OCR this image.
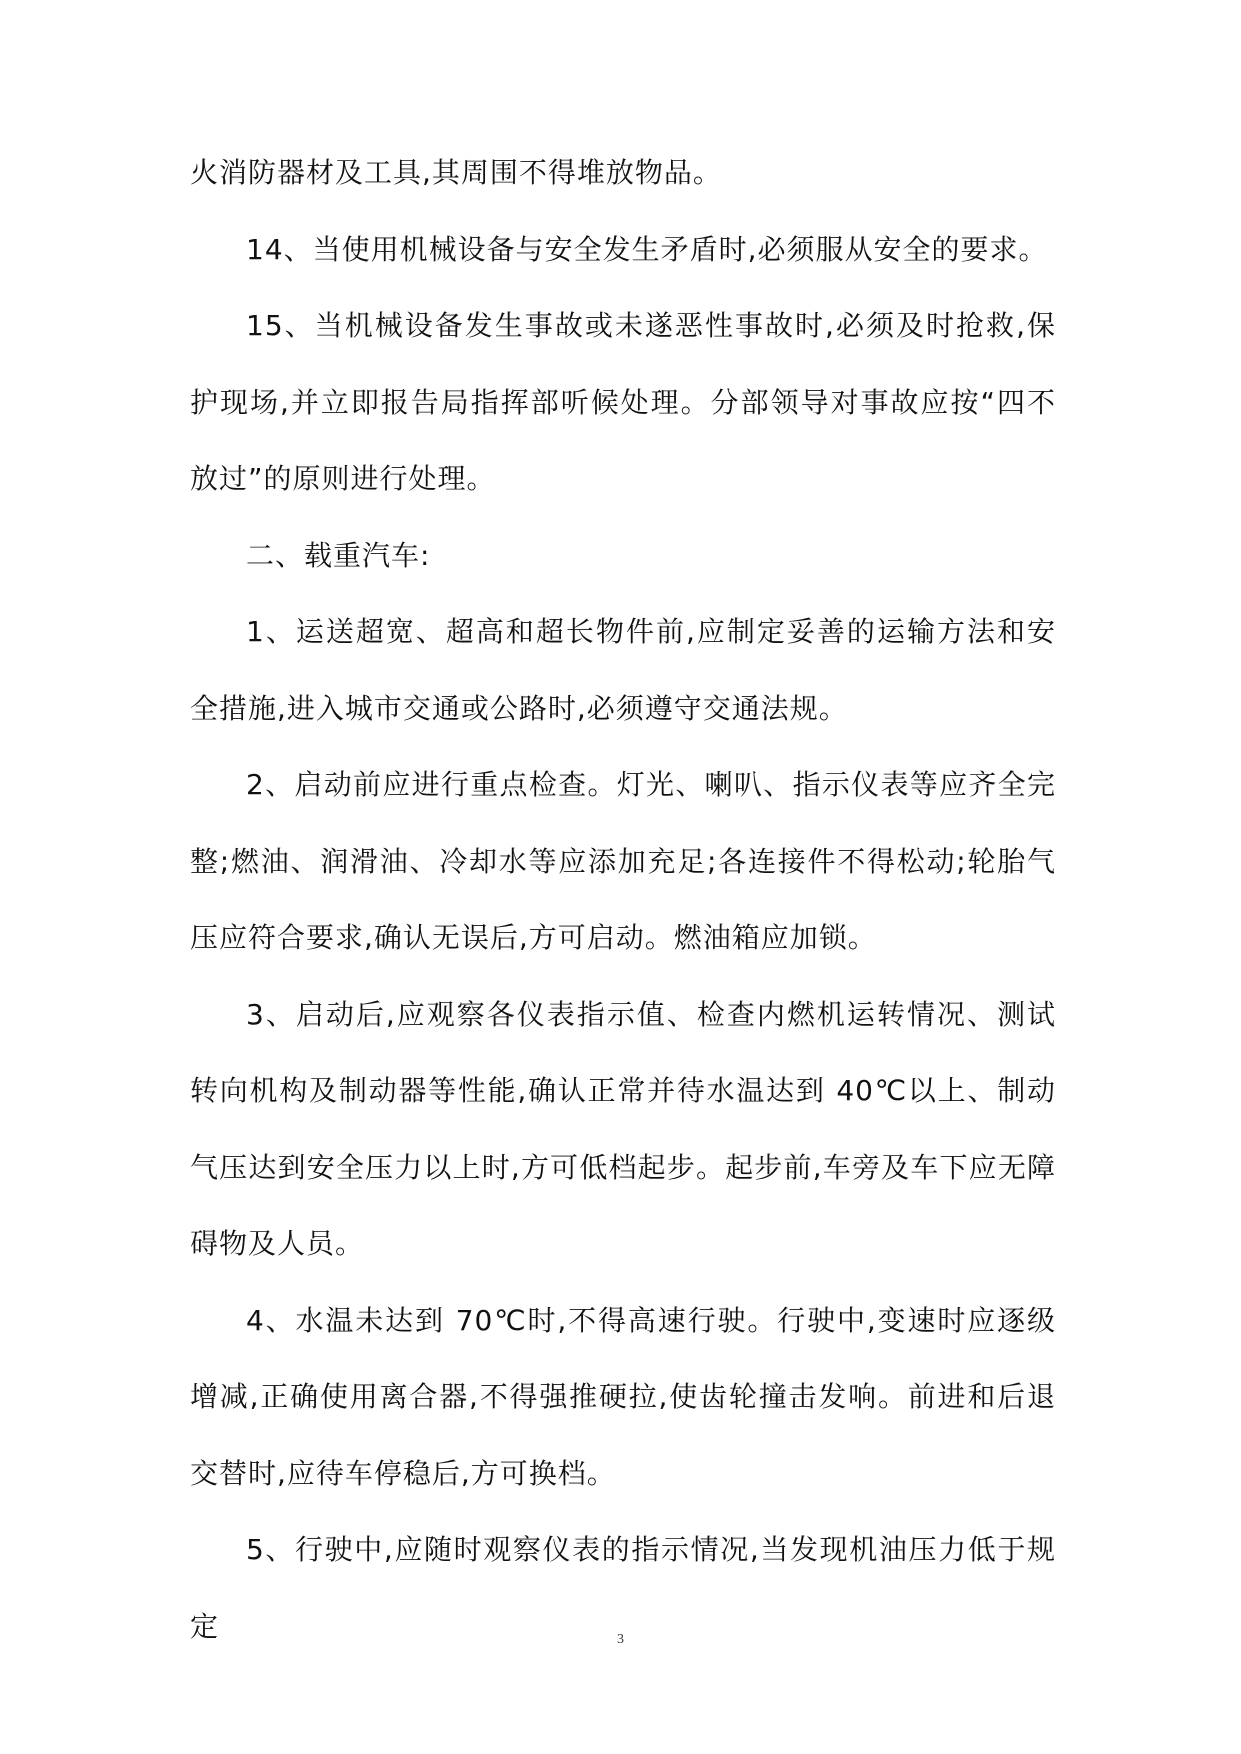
火消防器材及工具,其周围不得堆放物品。

14、当使用机械设备与安全发生矛盾时,必须服从安全的要求。

15、当机械设备发生事故或未遂恶性事故时,必须及时抢救,保护现场,并立即报告局指挥部听候处理。分部领导对事故应按“四不放过”的原则进行处理。

二、载重汽车:

1、运送超宽、超高和超长物件前,应制定妥善的运输方法和安全措施,进入城市交通或公路时,必须遵守交通法规。

2、启动前应进行重点检查。灯光、喇叭、指示仪表等应齐全完整;燃油、润滑油、冷却水等应添加充足;各连接件不得松动;轮胎气压应符合要求,确认无误后,方可启动。燃油箱应加锁。

3、启动后,应观察各仪表指示值、检查内燃机运转情况、测试转向机构及制动器等性能,确认正常并待水温达到 40℃以上、制动气压达到安全压力以上时,方可低档起步。起步前,车旁及车下应无障碍物及人员。

4、水温未达到 70℃时,不得高速行驶。行驶中,变速时应逐级增减,正确使用离合器,不得强推硬拉,使齿轮撞击发响。前进和后退交替时,应待车停稳后,方可换档。

5、行驶中,应随时观察仪表的指示情况,当发现机油压力低于规定	3
